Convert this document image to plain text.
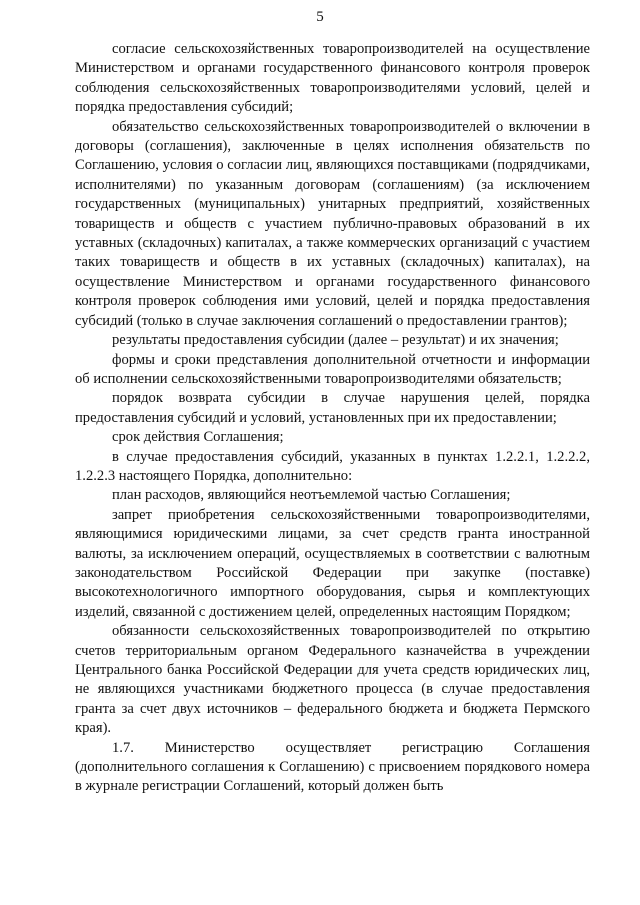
5

согласие сельскохозяйственных товаропроизводителей на осуществление Министерством и органами государственного финансового контроля проверок соблюдения сельскохозяйственных товаропроизводителями условий, целей и порядка предоставления субсидий;

обязательство сельскохозяйственных товаропроизводителей о включении в договоры (соглашения), заключенные в целях исполнения обязательств по Соглашению, условия о согласии лиц, являющихся поставщиками (подрядчиками, исполнителями) по указанным договорам (соглашениям) (за исключением государственных (муниципальных) унитарных предприятий, хозяйственных товариществ и обществ с участием публично-правовых образований в их уставных (складочных) капиталах, а также коммерческих организаций с участием таких товариществ и обществ в их уставных (складочных) капиталах), на осуществление Министерством и органами государственного финансового контроля проверок соблюдения ими условий, целей и порядка предоставления субсидий (только в случае заключения соглашений о предоставлении грантов);

результаты предоставления субсидии (далее – результат) и их значения;

формы и сроки представления дополнительной отчетности и информации об исполнении сельскохозяйственными товаропроизводителями обязательств;

порядок возврата субсидии в случае нарушения целей, порядка предоставления субсидий и условий, установленных при их предоставлении;

срок действия Соглашения;

в случае предоставления субсидий, указанных в пунктах 1.2.2.1, 1.2.2.2, 1.2.2.3 настоящего Порядка, дополнительно:

план расходов, являющийся неотъемлемой частью Соглашения;

запрет приобретения сельскохозяйственными товаропроизводителями, являющимися юридическими лицами, за счет средств гранта иностранной валюты, за исключением операций, осуществляемых в соответствии с валютным законодательством Российской Федерации при закупке (поставке) высокотехнологичного импортного оборудования, сырья и комплектующих изделий, связанной с достижением целей, определенных настоящим Порядком;

обязанности сельскохозяйственных товаропроизводителей по открытию счетов территориальным органом Федерального казначейства в учреждении Центрального банка Российской Федерации для учета средств юридических лиц, не являющихся участниками бюджетного процесса (в случае предоставления гранта за счет двух источников – федерального бюджета и бюджета Пермского края).

1.7. Министерство осуществляет регистрацию Соглашения (дополнительного соглашения к Соглашению) с присвоением порядкового номера в журнале регистрации Соглашений, который должен быть
